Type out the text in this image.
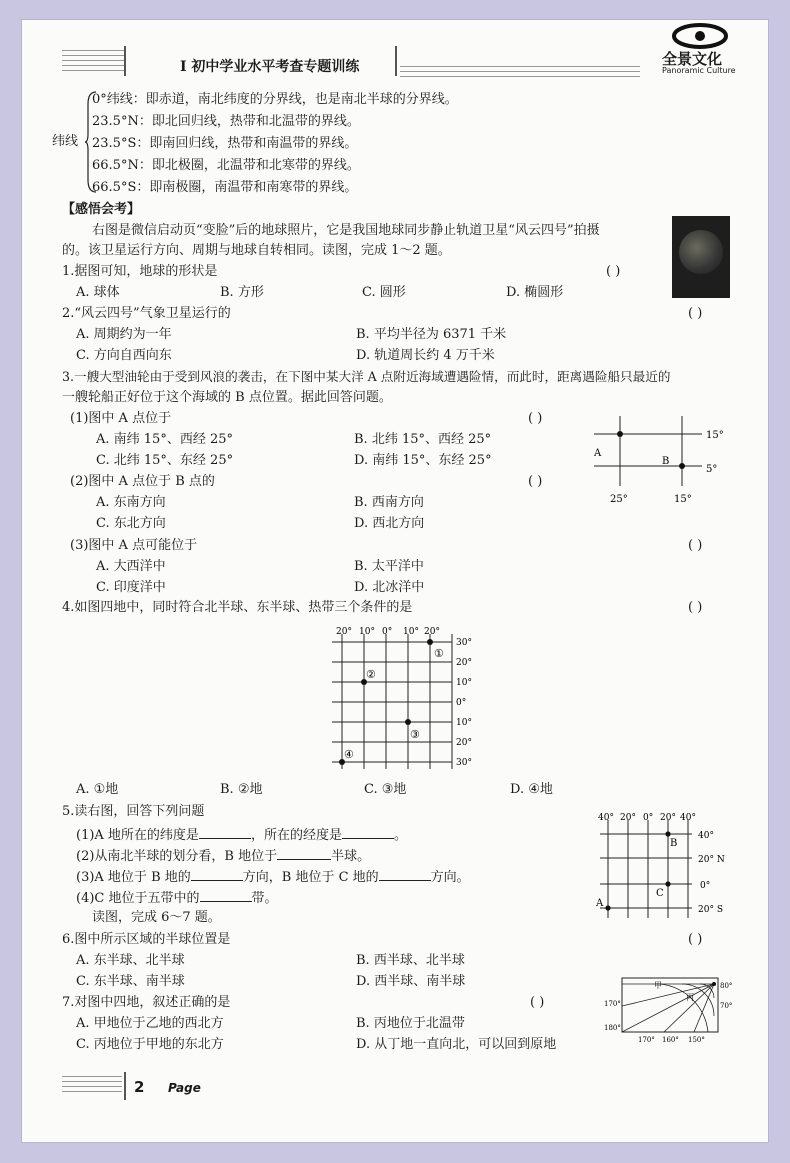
I 初中学业水平考查专题训练	全景文化
Panoramic Culture
纬线
0°纬线：即赤道，南北纬度的分界线，也是南北半球的分界线。
23.5°N：即北回归线，热带和北温带的界线。
23.5°S：即南回归线，热带和南温带的界线。
66.5°N：即北极圈，北温带和北寒带的界线。
66.5°S：即南极圈，南温带和南寒带的界线。
【感悟会考】
右图是微信启动页“变脸”后的地球照片，它是我国地球同步静止轨道卫星“风云四号”拍摄
的。该卫星运行方向、周期与地球自转相同。读图，完成 1～2 题。
1.据图可知，地球的形状是	( )
A. 球体	B. 方形	C. 圆形	D. 椭圆形
2.“风云四号”气象卫星运行的	( )
A. 周期约为一年	B. 平均半径为 6371 千米
C. 方向自西向东	D. 轨道周长约 4 万千米
3.一艘大型油轮由于受到风浪的袭击，在下图中某大洋 A 点附近海域遭遇险情，而此时，距离遇险船只最近的
一艘轮船正好位于这个海域的 B 点位置。据此回答问题。
(1)图中 A 点位于	( )
A. 南纬 15°、西经 25°	B. 北纬 15°、西经 25°
C. 北纬 15°、东经 25°	D. 南纬 15°、东经 25°
(2)图中 A 点位于 B 点的	( )
A. 东南方向	B. 西南方向
C. 东北方向	D. 西北方向
(3)图中 A 点可能位于	( )
A. 大西洋中	B. 太平洋中
C. 印度洋中	D. 北冰洋中
15°
5°
25°	15°
A
B
4.如图四地中，同时符合北半球、东半球、热带三个条件的是	( )
20° 10° 0° 10° 20°
30°
20°
10°
0°
10°
20°
30°
①
②
③
④
A. ①地	B. ②地	C. ③地	D. ④地
5.读右图，回答下列问题
(1)A 地所在的纬度是	，所在的经度是	。
(2)从南北半球的划分看，B 地位于	半球。
(3)A 地位于 B 地的	方向，B 地位于 C 地的	方向。
(4)C 地位于五带中的	带。
读图，完成 6～7 题。
40° 20° 0° 20° 40°
40°
20° N
0°
20° S
B
C
A
6.图中所示区域的半球位置是	( )
A. 东半球、北半球	B. 西半球、北半球
C. 东半球、南半球	D. 西半球、南半球
7.对图中四地，叙述正确的是	( )
A. 甲地位于乙地的西北方	B. 丙地位于北温带
C. 丙地位于甲地的东北方	D. 从丁地一直向北，可以回到原地
甲
丙
170°
180°
80°
70°
170° 160° 150°
2 Page
